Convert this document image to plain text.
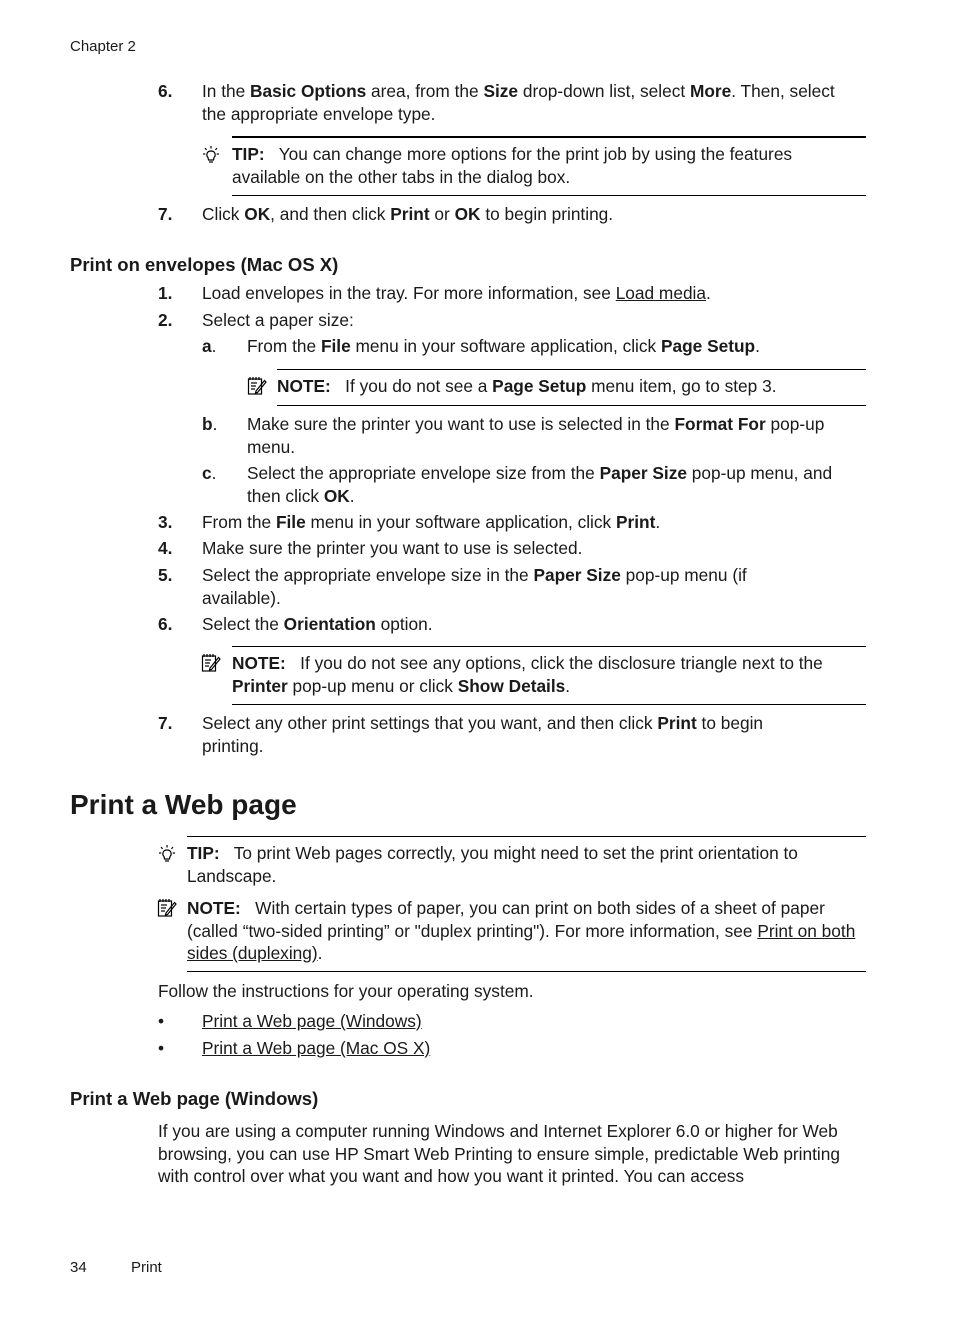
Chapter 2
6. In the Basic Options area, from the Size drop-down list, select More. Then, select the appropriate envelope type.
TIP: You can change more options for the print job by using the features available on the other tabs in the dialog box.
7. Click OK, and then click Print or OK to begin printing.
Print on envelopes (Mac OS X)
1. Load envelopes in the tray. For more information, see Load media.
2. Select a paper size:
a. From the File menu in your software application, click Page Setup.
NOTE: If you do not see a Page Setup menu item, go to step 3.
b. Make sure the printer you want to use is selected in the Format For pop-up menu.
c. Select the appropriate envelope size from the Paper Size pop-up menu, and then click OK.
3. From the File menu in your software application, click Print.
4. Make sure the printer you want to use is selected.
5. Select the appropriate envelope size in the Paper Size pop-up menu (if available).
6. Select the Orientation option.
NOTE: If you do not see any options, click the disclosure triangle next to the Printer pop-up menu or click Show Details.
7. Select any other print settings that you want, and then click Print to begin printing.
Print a Web page
TIP: To print Web pages correctly, you might need to set the print orientation to Landscape.
NOTE: With certain types of paper, you can print on both sides of a sheet of paper (called “two-sided printing” or "duplex printing"). For more information, see Print on both sides (duplexing).
Follow the instructions for your operating system.
• Print a Web page (Windows)
• Print a Web page (Mac OS X)
Print a Web page (Windows)
If you are using a computer running Windows and Internet Explorer 6.0 or higher for Web browsing, you can use HP Smart Web Printing to ensure simple, predictable Web printing with control over what you want and how you want it printed. You can access
34	Print
